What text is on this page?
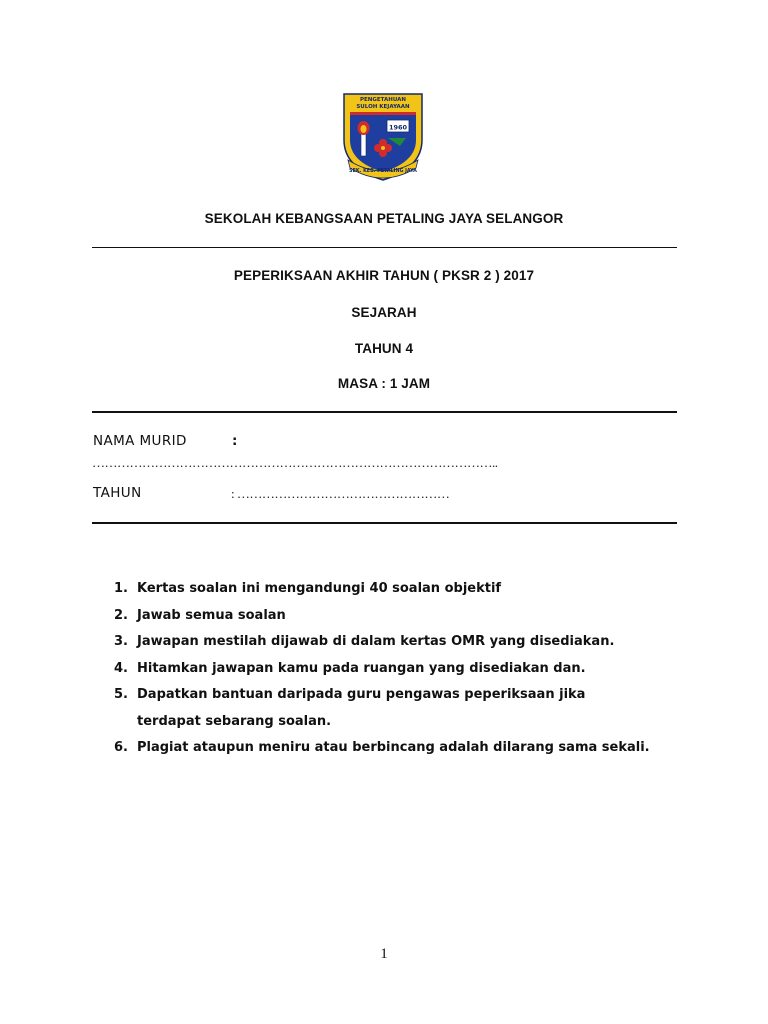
PENGETAHUAN
SULOH KEJAYAAN
1960
SEK. KEB. PETALING JAYA
SEKOLAH KEBANGSAAN PETALING JAYA SELANGOR
PEPERIKSAAN AKHIR TAHUN ( PKSR 2 ) 2017
SEJARAH
TAHUN 4
MASA : 1 JAM
NAMA MURID	:
……………………………………………………………………………………..
TAHUN	: ……………………………………………
1. Kertas soalan ini mengandungi 40 soalan objektif
2. Jawab semua soalan
3. Jawapan mestilah dijawab di dalam kertas OMR yang disediakan.
4. Hitamkan jawapan kamu pada ruangan yang disediakan dan.
5. Dapatkan bantuan daripada guru pengawas peperiksaan jika terdapat sebarang soalan.
6. Plagiat ataupun meniru atau berbincang adalah dilarang sama sekali.
1
